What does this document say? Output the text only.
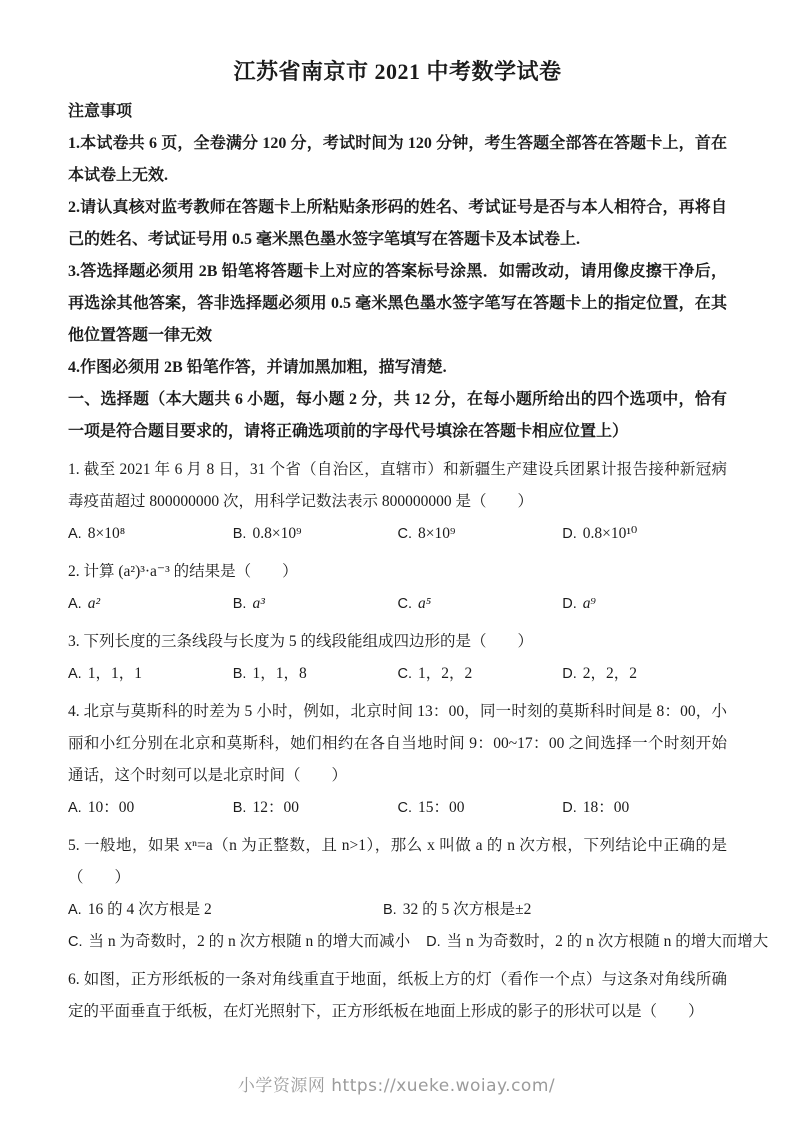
江苏省南京市 2021 中考数学试卷
注意事项

1.本试卷共 6 页，全卷满分 120 分，考试时间为 120 分钟，考生答题全部答在答题卡上，首在本试卷上无效.

2.请认真核对监考教师在答题卡上所粘贴条形码的姓名、考试证号是否与本人相符合，再将自己的姓名、考试证号用 0.5 毫米黑色墨水签字笔填写在答题卡及本试卷上.

3.答选择题必须用 2B 铅笔将答题卡上对应的答案标号涂黑．如需改动，请用像皮擦干净后，再选涂其他答案，答非选择题必须用 0.5 毫米黑色墨水签字笔写在答题卡上的指定位置，在其他位置答题一律无效

4.作图必须用 2B 铅笔作答，并请加黑加粗，描写清楚.

一、选择题（本大题共 6 小题，每小题 2 分，共 12 分，在每小题所给出的四个选项中，恰有一项是符合题目要求的，请将正确选项前的字母代号填涂在答题卡相应位置上）

1. 截至 2021 年 6 月 8 日，31 个省（自治区，直辖市）和新疆生产建设兵团累计报告接种新冠病毒疫苗超过 800000000 次，用科学记数法表示 800000000 是（　　）

A. 8×10⁸	B. 0.8×10⁹	C. 8×10⁹	D. 0.8×10¹⁰

2. 计算 (a²)³·a⁻³ 的结果是（　　）

A. a²	B. a³	C. a⁵	D. a⁹

3. 下列长度的三条线段与长度为 5 的线段能组成四边形的是（　　）

A. 1，1，1	B. 1，1，8	C. 1，2，2	D. 2，2，2

4. 北京与莫斯科的时差为 5 小时，例如，北京时间 13：00，同一时刻的莫斯科时间是 8：00，小丽和小红分别在北京和莫斯科，她们相约在各自当地时间 9：00~17：00 之间选择一个时刻开始通话，这个时刻可以是北京时间（　　）

A. 10：00	B. 12：00	C. 15：00	D. 18：00

5. 一般地，如果 xⁿ=a（n 为正整数，且 n>1），那么 x 叫做 a 的 n 次方根，下列结论中正确的是（　　）

A. 16 的 4 次方根是 2	B. 32 的 5 次方根是±2
C. 当 n 为奇数时，2 的 n 次方根随 n 的增大而减小 D. 当 n 为奇数时，2 的 n 次方根随 n 的增大而增大

6. 如图，正方形纸板的一条对角线重直于地面，纸板上方的灯（看作一个点）与这条对角线所确定的平面垂直于纸板，在灯光照射下，正方形纸板在地面上形成的影子的形状可以是（　　）

小学资源网 https://xueke.woiay.com/
